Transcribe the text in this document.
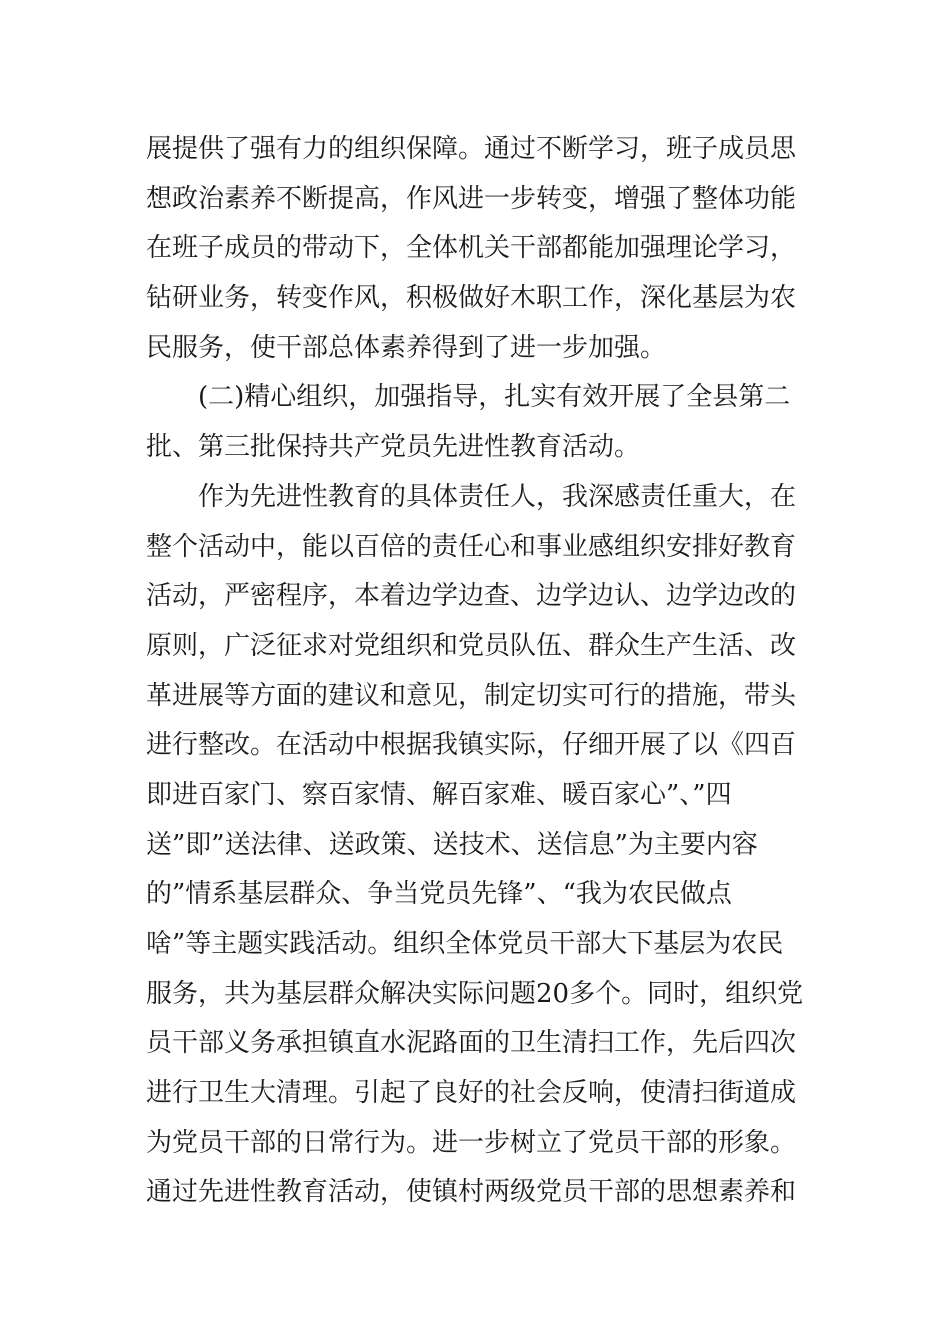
展提供了强有力的组织保障。通过不断学习，班子成员思
想政治素养不断提高，作风进一步转变，增强了整体功能
在班子成员的带动下，全体机关干部都能加强理论学习，
钻研业务，转变作风，积极做好木职工作，深化基层为农
民服务，使干部总体素养得到了进一步加强。
(二)精心组织，加强指导，扎实有效开展了全县第二
批、第三批保持共产党员先进性教育活动。
作为先进性教育的具体责任人，我深感责任重大，在
整个活动中，能以百倍的责任心和事业感组织安排好教育
活动，严密程序，本着边学边查、边学边认、边学边改的
原则，广泛征求对党组织和党员队伍、群众生产生活、改
革进展等方面的建议和意见，制定切实可行的措施，带头
进行整改。在活动中根据我镇实际，仔细开展了以《四百
即进百家门、察百家情、解百家难、暖百家心”、”四
送”即”送法律、送政策、送技术、送信息”为主要内容
的”情系基层群众、争当党员先锋”、“我为农民做点
啥”等主题实践活动。组织全体党员干部大下基层为农民
服务，共为基层群众解决实际问题20多个。同时，组织党
员干部义务承担镇直水泥路面的卫生清扫工作，先后四次
进行卫生大清理。引起了良好的社会反响，使清扫街道成
为党员干部的日常行为。进一步树立了党员干部的形象。
通过先进性教育活动，使镇村两级党员干部的思想素养和
